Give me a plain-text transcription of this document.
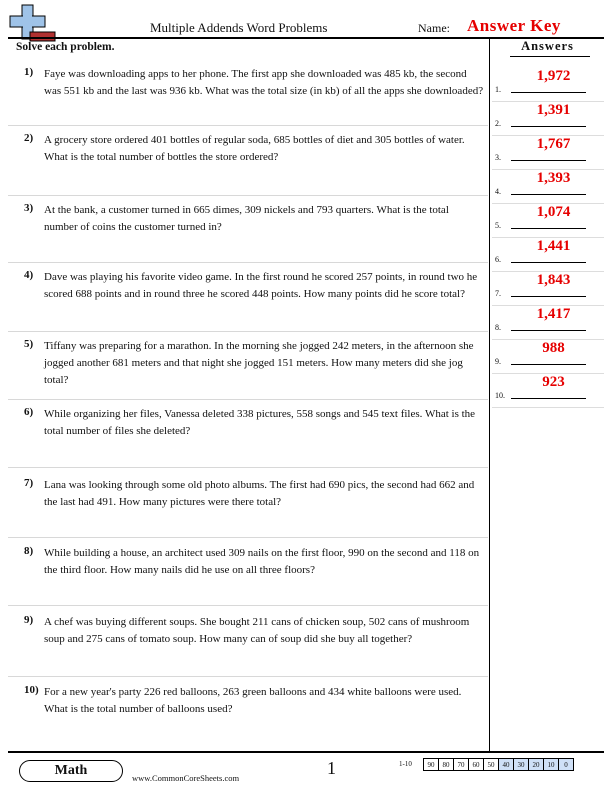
Multiple Addends Word Problems	Name: Answer Key
Solve each problem.	Answers
1) Faye was downloading apps to her phone. The first app she downloaded was 485 kb, the second was 551 kb and the last was 936 kb. What was the total size (in kb) of all the apps she downloaded?
2) A grocery store ordered 401 bottles of regular soda, 685 bottles of diet and 305 bottles of water. What is the total number of bottles the store ordered?
3) At the bank, a customer turned in 665 dimes, 309 nickels and 793 quarters. What is the total number of coins the customer turned in?
4) Dave was playing his favorite video game. In the first round he scored 257 points, in round two he scored 688 points and in round three he scored 448 points. How many points did he score total?
5) Tiffany was preparing for a marathon. In the morning she jogged 242 meters, in the afternoon she jogged another 681 meters and that night she jogged 151 meters. How many meters did she jog total?
6) While organizing her files, Vanessa deleted 338 pictures, 558 songs and 545 text files. What is the total number of files she deleted?
7) Lana was looking through some old photo albums. The first had 690 pics, the second had 662 and the last had 491. How many pictures were there total?
8) While building a house, an architect used 309 nails on the first floor, 990 on the second and 118 on the third floor. How many nails did he use on all three floors?
9) A chef was buying different soups. She bought 211 cans of chicken soup, 502 cans of mushroom soup and 275 cans of tomato soup. How many can of soup did she buy all together?
10) For a new year's party 226 red balloons, 263 green balloons and 434 white balloons were used. What is the total number of balloons used?
1.
1,972
2.
1,391
3.
1,767
4.
1,393
5.
1,074
6.
1,441
7.
1,843
8.
1,417
9.
988
10.
923
Math	www.CommonCoreSheets.com	1	1-10 90	80	70	60	50	40	30	20	10	0
